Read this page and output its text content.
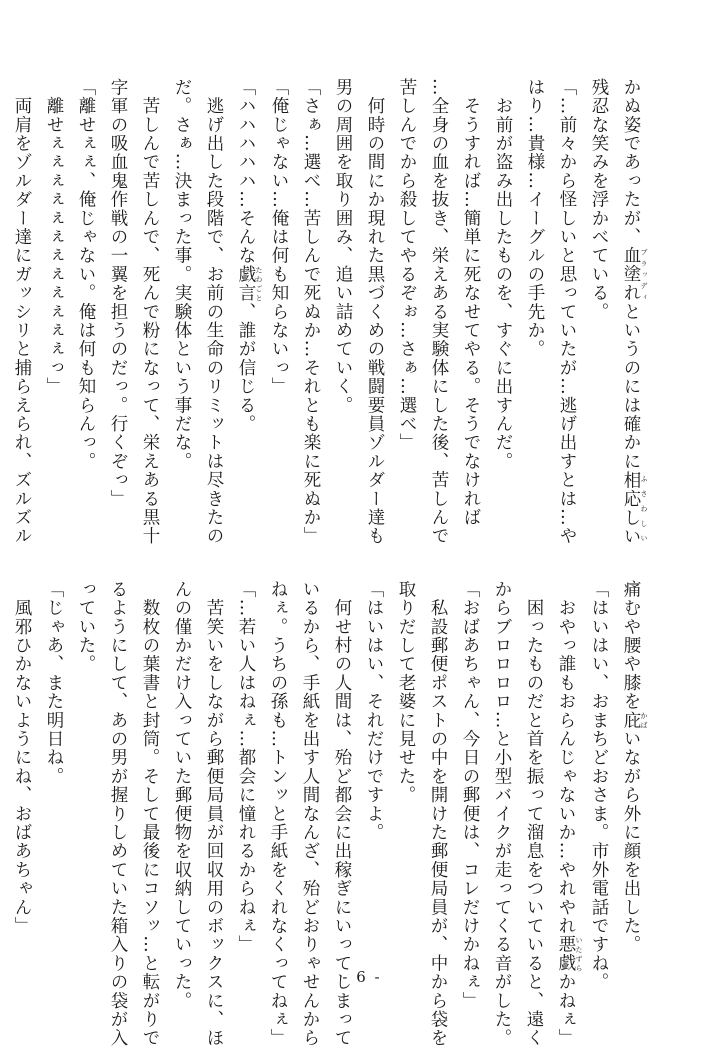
かぬ姿であったが、血塗れ ブラッディというのには確かに相応しい ふさわしい
残忍な笑みを浮かべている。
「…前々から怪しいと思っていたが…逃げ出すとは…や
はり…貴様…イーグルの手先か。
　お前が盗み出したものを、すぐに出すんだ。
　そうすれば…簡単に死なせてやる。そうでなければ
…全身の血を抜き、栄えある実験体にした後、苦しんで
苦しんでから殺してやるぞぉ…さぁ…選べ」
　何時の間にか現れた黒づくめの戦闘要員ゾルダー達も
男の周囲を取り囲み、追い詰めていく。
「さぁ…選べ…苦しんで死ぬか…それとも楽に死ぬか」
「俺じゃない…俺は何も知らないっ」
「ハハハハハ…そんな戯言 たわごと、誰が信じる。
　逃げ出した段階で、お前の生命のリミットは尽きたの
だ。さぁ…決まった事。実験体という事だな。
　苦しんで苦しんで、死んで粉になって、栄えある黒十
字軍の吸血鬼作戦の一翼を担うのだっ。行くぞっ」
「離せぇぇ、俺じゃない。俺は何も知らんっ。
　離せぇぇぇぇぇぇぇぇぇぇぇぇっ」
　両肩をゾルダー達にガッシリと捕らえられ、ズルズル
痛むや腰や膝を庇 かばいながら外に顔を出した。
「はいはい、おまちどおさま。市外電話ですね。
　おやっ誰もおらんじゃないか…やれやれ悪戯 いたずらかねぇ」
　困ったものだと首を振って溜息をついていると、遠く
からブロロロロ…と小型バイクが走ってくる音がした。
「おばあちゃん、今日の郵便は、コレだけかねぇ」
　私設郵便ポストの中を開けた郵便局員が、中から袋を
取りだして老婆に見せた。
「はいはい、それだけですよ。
　何せ村の人間は、殆ど都会に出稼ぎにいってしまって
いるから、手紙を出す人間なんざ、殆どおりゃせんから
ねぇ。うちの孫も…トンッと手紙をくれなくってねぇ」
「…若い人はねぇ…都会に憧れるからねぇ」
　苦笑いをしながら郵便局員が回収用のボックスに、ほ
んの僅かだけ入っていた郵便物を収納していった。
　数枚の葉書と封筒。そして最後にコソッ…と転がりで
るようにして、あの男が握りしめていた箱入りの袋が入
っていた。
「じゃあ、また明日ね。
　風邪ひかないようにね、おばあちゃん」
- 6 -
